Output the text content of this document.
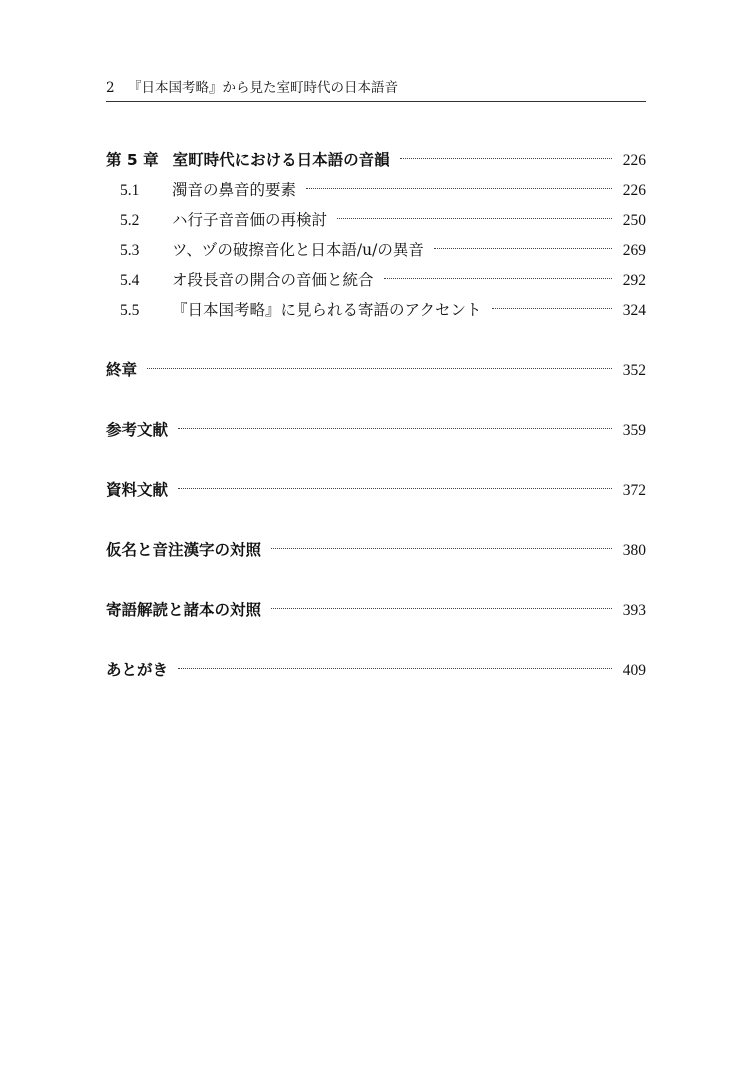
2 『日本国考略』から見た室町時代の日本語音
第 5 章 室町時代における日本語の音韻	226
5.1	濁音の鼻音的要素	226
5.2	ハ行子音音価の再検討	250
5.3	ツ、ヅの破擦音化と日本語/u/の異音	269
5.4	オ段長音の開合の音価と統合	292
5.5	『日本国考略』に見られる寄語のアクセント	324
終章	352
参考文献	359
資料文献	372
仮名と音注漢字の対照	380
寄語解読と諸本の対照	393
あとがき	409
